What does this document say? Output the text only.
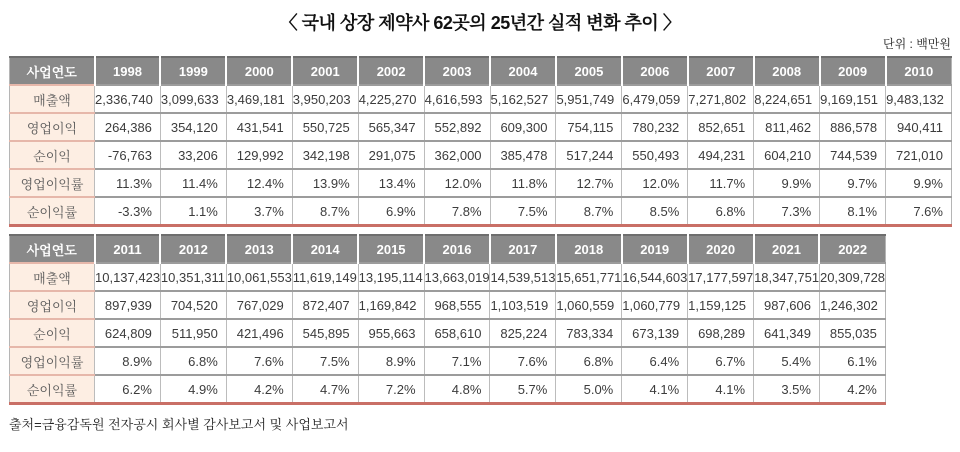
〈 국내 상장 제약사 62곳의 25년간 실적 변화 추이 〉
단위 : 백만원
사업연도	1998	1999	2000	2001	2002	2003	2004	2005	2006	2007	2008	2009	2010
매출액	2,336,740	3,099,633	3,469,181	3,950,203	4,225,270	4,616,593	5,162,527	5,951,749	6,479,059	7,271,802	8,224,651	9,169,151	9,483,132
영업이익	264,386	354,120	431,541	550,725	565,347	552,892	609,300	754,115	780,232	852,651	811,462	886,578	940,411
순이익	-76,763	33,206	129,992	342,198	291,075	362,000	385,478	517,244	550,493	494,231	604,210	744,539	721,010
영업이익률	11.3%	11.4%	12.4%	13.9%	13.4%	12.0%	11.8%	12.7%	12.0%	11.7%	9.9%	9.7%	9.9%
순이익률	-3.3%	1.1%	3.7%	8.7%	6.9%	7.8%	7.5%	8.7%	8.5%	6.8%	7.3%	8.1%	7.6%
사업연도	2011	2012	2013	2014	2015	2016	2017	2018	2019	2020	2021	2022
매출액	10,137,423	10,351,311	10,061,553	11,619,149	13,195,114	13,663,019	14,539,513	15,651,771	16,544,603	17,177,597	18,347,751	20,309,728
영업이익	897,939	704,520	767,029	872,407	1,169,842	968,555	1,103,519	1,060,559	1,060,779	1,159,125	987,606	1,246,302
순이익	624,809	511,950	421,496	545,895	955,663	658,610	825,224	783,334	673,139	698,289	641,349	855,035
영업이익률	8.9%	6.8%	7.6%	7.5%	8.9%	7.1%	7.6%	6.8%	6.4%	6.7%	5.4%	6.1%
순이익률	6.2%	4.9%	4.2%	4.7%	7.2%	4.8%	5.7%	5.0%	4.1%	4.1%	3.5%	4.2%
출처=금융감독원 전자공시 회사별 감사보고서 및 사업보고서
